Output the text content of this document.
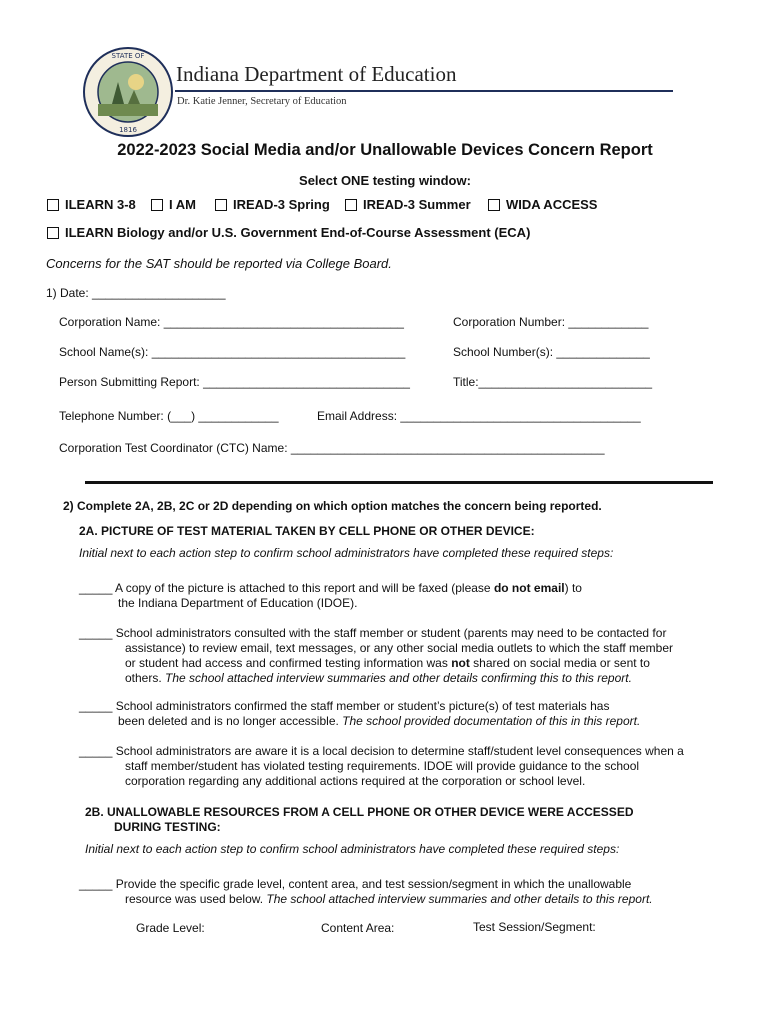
STATE OF
1816
Indiana Department of Education
Dr. Katie Jenner, Secretary of Education
2022-2023 Social Media and/or Unallowable Devices Concern Report
Select ONE testing window:
ILEARN 3-8	I AM	IREAD-3 Spring	IREAD-3 Summer	WIDA ACCESS
ILEARN Biology and/or U.S. Government End-of-Course Assessment (ECA)
Concerns for the SAT should be reported via College Board.
1) Date: ____________________
Corporation Name: ____________________________________	Corporation Number: ____________
School Name(s): ______________________________________	School Number(s): ______________
Person Submitting Report: _______________________________	Title:__________________________
Telephone Number: (___) ____________	Email Address: ____________________________________
Corporation Test Coordinator (CTC) Name: _______________________________________________
2) Complete 2A, 2B, 2C or 2D depending on which option matches the concern being reported.
2A. PICTURE OF TEST MATERIAL TAKEN BY CELL PHONE OR OTHER DEVICE:
Initial next to each action step to confirm school administrators have completed these required steps:
_____ A copy of the picture is attached to this report and will be faxed (please do not email) to
the Indiana Department of Education (IDOE).
_____ School administrators consulted with the staff member or student (parents may need to be contacted for
assistance) to review email, text messages, or any other social media outlets to which the staff member
or student had access and confirmed testing information was not shared on social media or sent to
others. The school attached interview summaries and other details confirming this to this report.
_____ School administrators confirmed the staff member or student’s picture(s) of test materials has
been deleted and is no longer accessible. The school provided documentation of this in this report.
_____ School administrators are aware it is a local decision to determine staff/student level consequences when a
staff member/student has violated testing requirements. IDOE will provide guidance to the school
corporation regarding any additional actions required at the corporation or school level.
2B. UNALLOWABLE RESOURCES FROM A CELL PHONE OR OTHER DEVICE WERE ACCESSED
DURING TESTING:
Initial next to each action step to confirm school administrators have completed these required steps:
_____ Provide the specific grade level, content area, and test session/segment in which the unallowable
resource was used below. The school attached interview summaries and other details to this report.
Grade Level:	Content Area:	Test Session/Segment:
